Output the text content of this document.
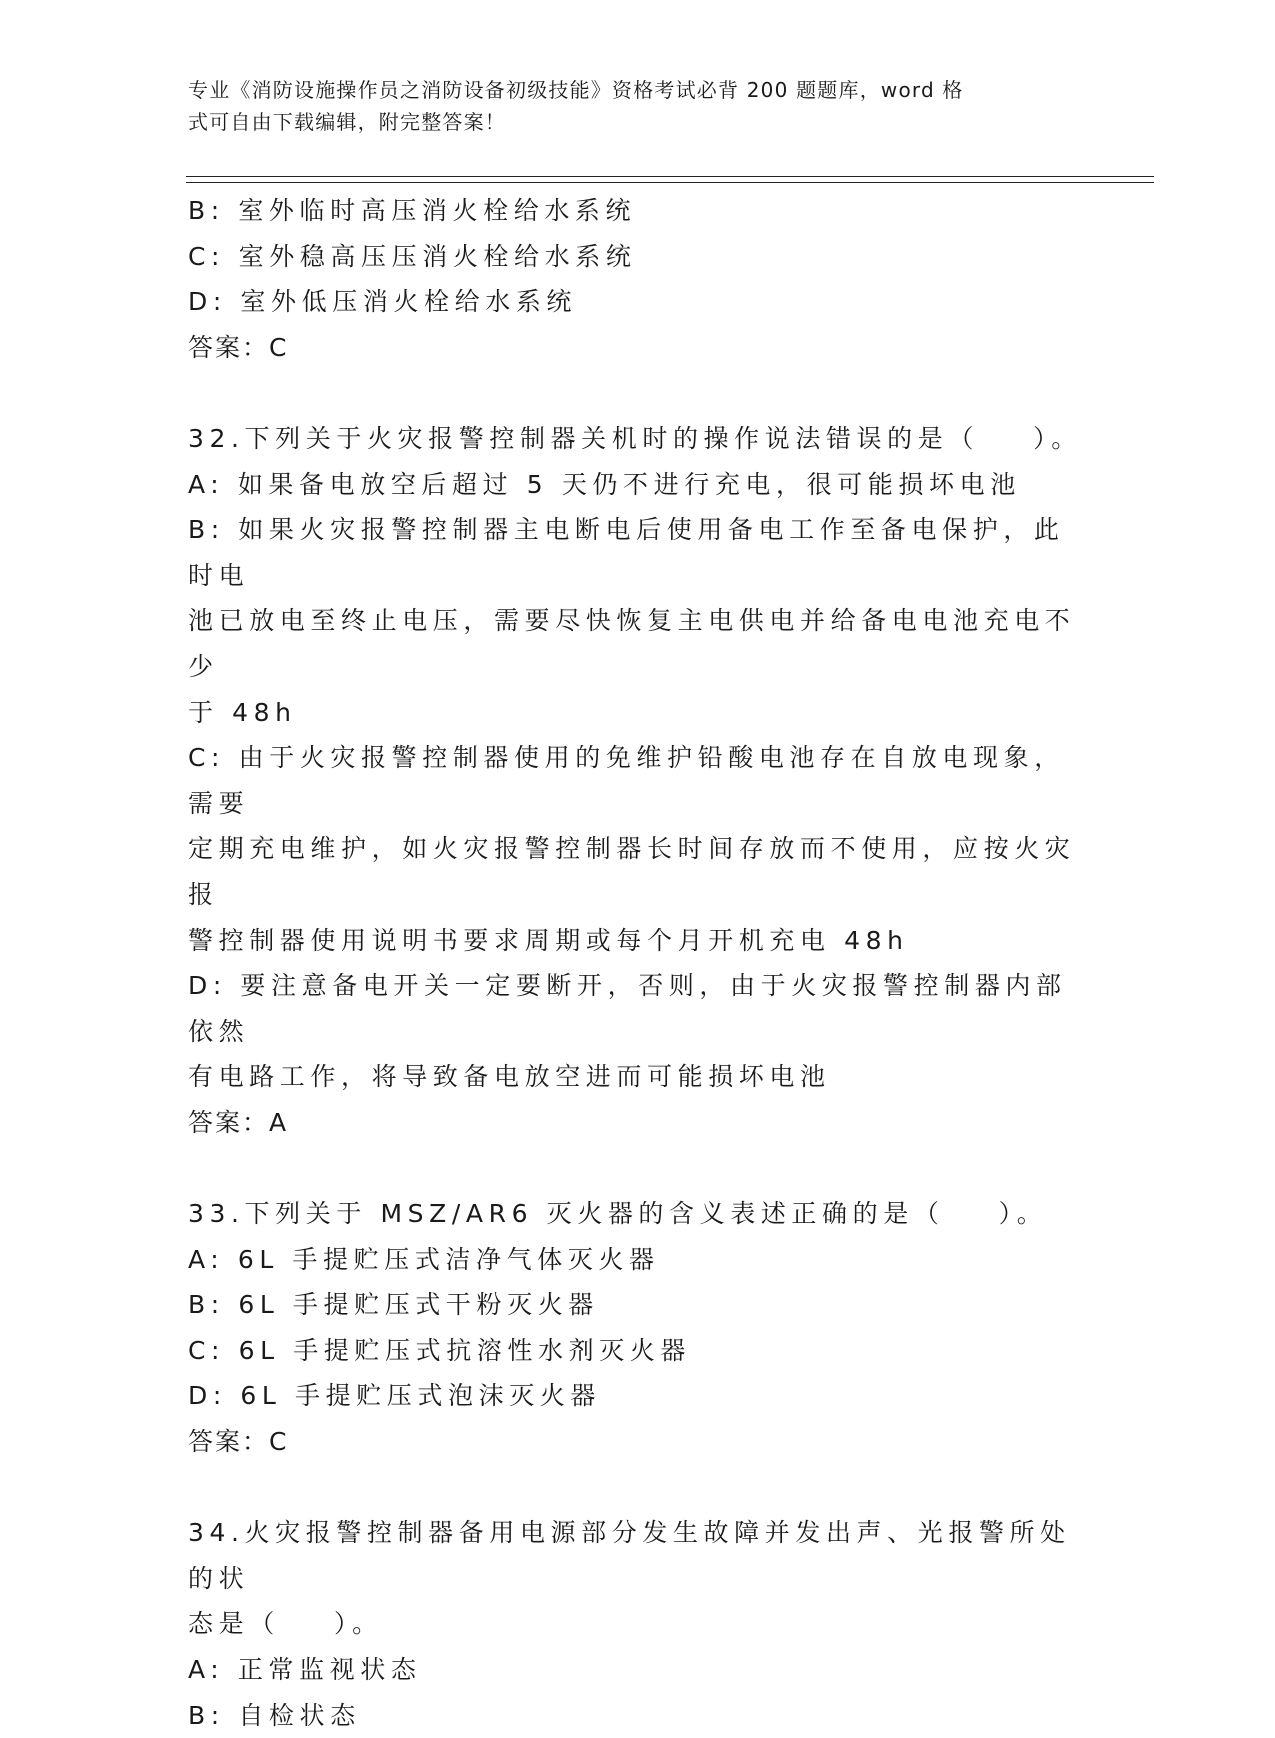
专业《消防设施操作员之消防设备初级技能》资格考试必背 200 题题库，word 格
式可自由下载编辑，附完整答案！

B: 室外临时高压消火栓给水系统

C: 室外稳高压压消火栓给水系统

D: 室外低压消火栓给水系统

答案：C

32.下列关于火灾报警控制器关机时的操作说法错误的是（    ）。

A: 如果备电放空后超过 5 天仍不进行充电，很可能损坏电池

B: 如果火灾报警控制器主电断电后使用备电工作至备电保护，此时电

池已放电至终止电压，需要尽快恢复主电供电并给备电电池充电不少

于 48h

C: 由于火灾报警控制器使用的免维护铅酸电池存在自放电现象，需要

定期充电维护，如火灾报警控制器长时间存放而不使用，应按火灾报

警控制器使用说明书要求周期或每个月开机充电 48h

D: 要注意备电开关一定要断开，否则，由于火灾报警控制器内部依然

有电路工作，将导致备电放空进而可能损坏电池

答案：A

33.下列关于 MSZ/AR6 灭火器的含义表述正确的是（    ）。

A: 6L 手提贮压式洁净气体灭火器

B: 6L 手提贮压式干粉灭火器

C: 6L 手提贮压式抗溶性水剂灭火器

D: 6L 手提贮压式泡沫灭火器

答案：C

34.火灾报警控制器备用电源部分发生故障并发出声、光报警所处的状

态是（    ）。

A: 正常监视状态

B: 自检状态
